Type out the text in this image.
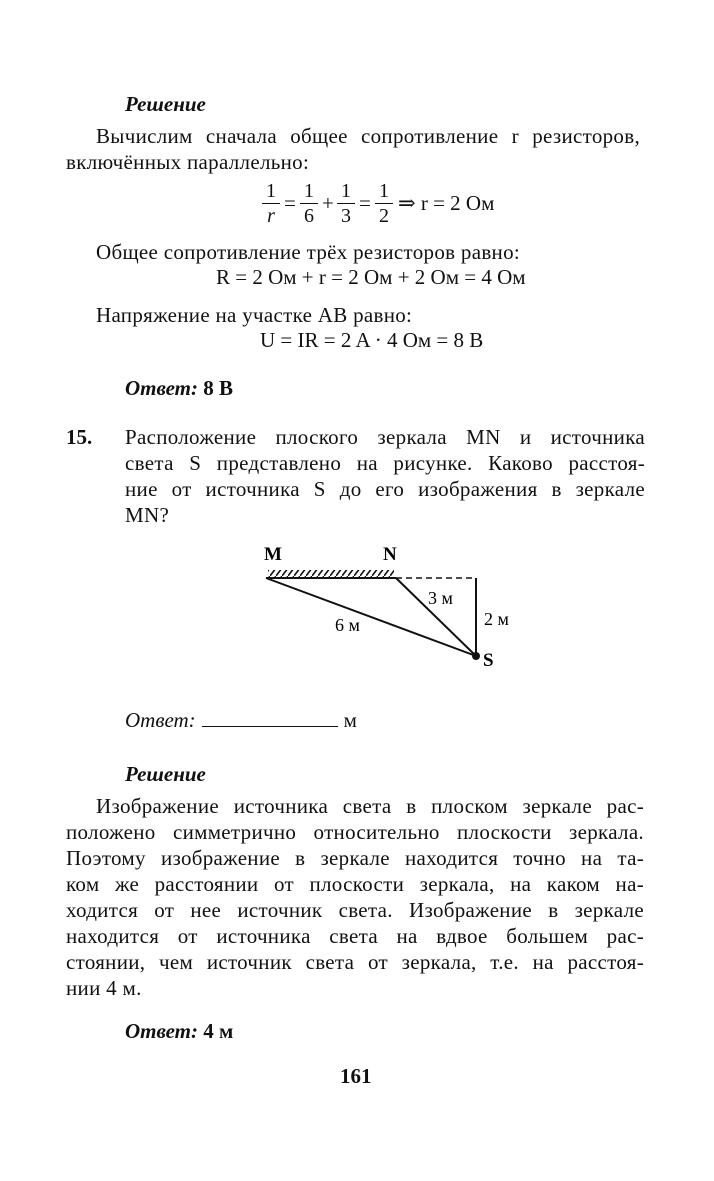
Решение
Вычислим сначала общее сопротивление r резисторов,
включённых параллельно:
1
r
= 1
6
+ 1
3
= 1
2
⇒ r = 2 Ом
Общее сопротивление трёх резисторов равно:
R = 2 Ом + r = 2 Ом + 2 Ом = 4 Ом
Напряжение на участке AB равно:
U = IR = 2 A · 4 Ом = 8 В
Ответ: 8 В
15. Расположение плоского зеркала MN и источника
света S представлено на рисунке. Каково расстоя-
ние от источника S до его изображения в зеркале
MN?
M	N
3 м
6 м	2 м
S
Ответ:	м
Решение
Изображение источника света в плоском зеркале рас-
положено симметрично относительно плоскости зеркала.
Поэтому изображение в зеркале находится точно на та-
ком же расстоянии от плоскости зеркала, на каком на-
ходится от нее источник света. Изображение в зеркале
находится от источника света на вдвое большем рас-
стоянии, чем источник света от зеркала, т.е. на расстоя-
нии 4 м.
Ответ: 4 м
161
